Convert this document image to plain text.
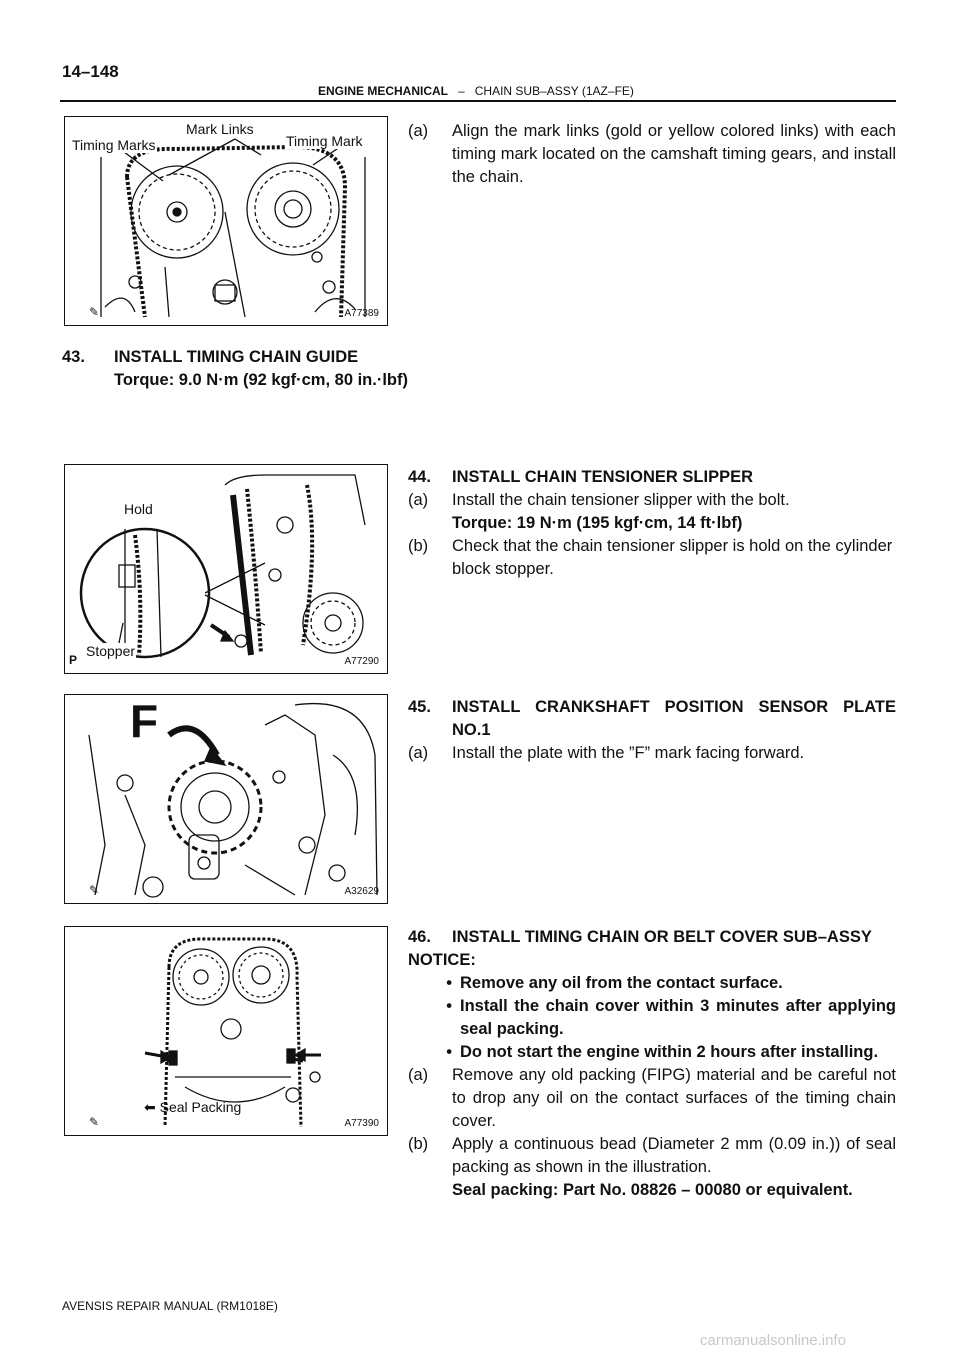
14–148
ENGINE MECHANICAL – CHAIN SUB–ASSY (1AZ–FE)
Timing Marks
Mark Links
Timing Mark
✎	A77389
(a)	Align the mark links (gold or yellow colored links) with each timing mark located on the camshaft timing gears, and install the chain.
43.	INSTALL TIMING CHAIN GUIDE
Torque: 9.0 N·m (92 kgf·cm, 80 in.·lbf)
Hold
Stopper
P	A77290
44.	INSTALL CHAIN TENSIONER SLIPPER
(a)	Install the chain tensioner slipper with the bolt.
Torque: 19 N·m (195 kgf·cm, 14 ft·lbf)
(b)	Check that the chain tensioner slipper is hold on the cylinder block stopper.
F
✎	A32629
45.	INSTALL CRANKSHAFT POSITION SENSOR PLATE NO.1
(a)	Install the plate with the ”F” mark facing forward.
⬅ Seal Packing
✎	A77390
46.	INSTALL TIMING CHAIN OR BELT COVER SUB–ASSY
NOTICE:
• Remove any oil from the contact surface.
• Install the chain cover within 3 minutes after applying seal packing.
• Do not start the engine within 2 hours after installing.
(a)	Remove any old packing (FIPG) material and be careful not to drop any oil on the contact surfaces of the timing chain cover.
(b)	Apply a continuous bead (Diameter 2 mm (0.09 in.)) of seal packing as shown in the illustration.
Seal packing: Part No. 08826 – 00080 or equivalent.
AVENSIS REPAIR MANUAL (RM1018E)
carmanualsonline.info
